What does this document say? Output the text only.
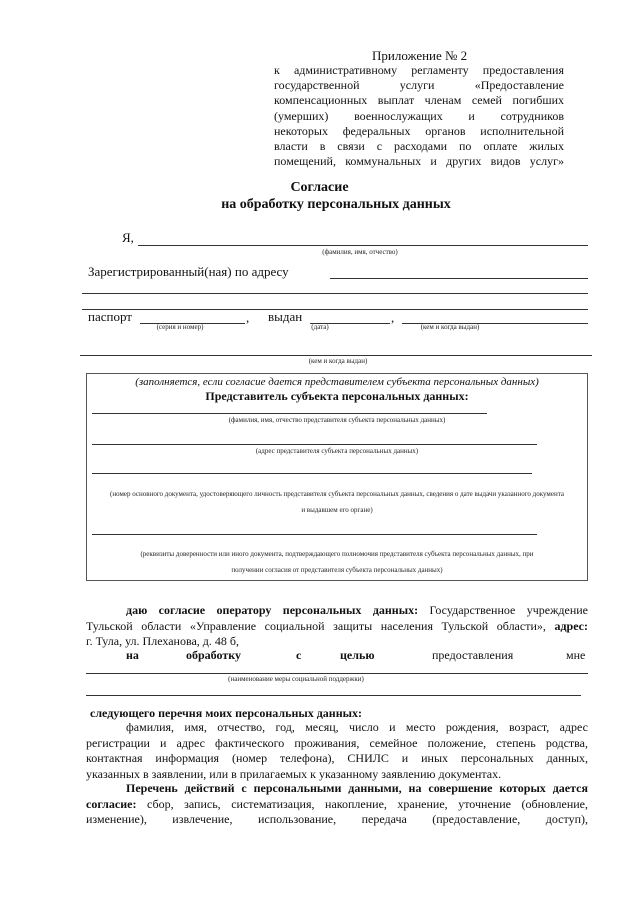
Приложение № 2
к административному регламенту предоставления
государственной услуги «Предоставление
компенсационных выплат членам семей погибших
(умерших) военнослужащих и сотрудников
некоторых федеральных органов исполнительной
власти в связи с расходами по оплате жилых
помещений, коммунальных и других видов услуг»
Согласие
на обработку персональных данных
Я,
(фамилия, имя, отчество)
Зарегистрированный(ная) по адресу
паспорт	, выдан	,
(серия и номер)	(дата)	(кем и когда выдан)
(кем и когда выдан)
(заполняется, если согласие дается представителем субъекта персональных данных)
Представитель субъекта персональных данных:
(фамилия, имя, отчество представителя субъекта персональных данных)
(адрес представителя субъекта персональных данных)
(номер основного документа, удостоверяющего личность представителя субъекта персональных данных, сведения о дате выдачи указанного документа
и выдавшем его органе)
(реквизиты доверенности или иного документа, подтверждающего полномочия представителя субъекта персональных данных, при
получении согласия от представителя субъекта персональных данных)
даю согласие оператору персональных данных: Государственное учреждение
Тульской области «Управление социальной защиты населения Тульской области», адрес:
г. Тула, ул. Плеханова, д. 48 б,
на	обработку	с	целью	предоставления	мне
(наименование меры социальной поддержки)
следующего перечня моих персональных данных:
фамилия, имя, отчество, год, месяц, число и место рождения, возраст, адрес
регистрации и адрес фактического проживания, семейное положение, степень родства,
контактная информация (номер телефона), СНИЛС и иных персональных данных,
указанных в заявлении, или в прилагаемых к указанному заявлению документах.
Перечень действий с персональными данными, на совершение которых дается
согласие: сбор, запись, систематизация, накопление, хранение, уточнение (обновление,
изменение), извлечение, использование, передача (предоставление, доступ),
